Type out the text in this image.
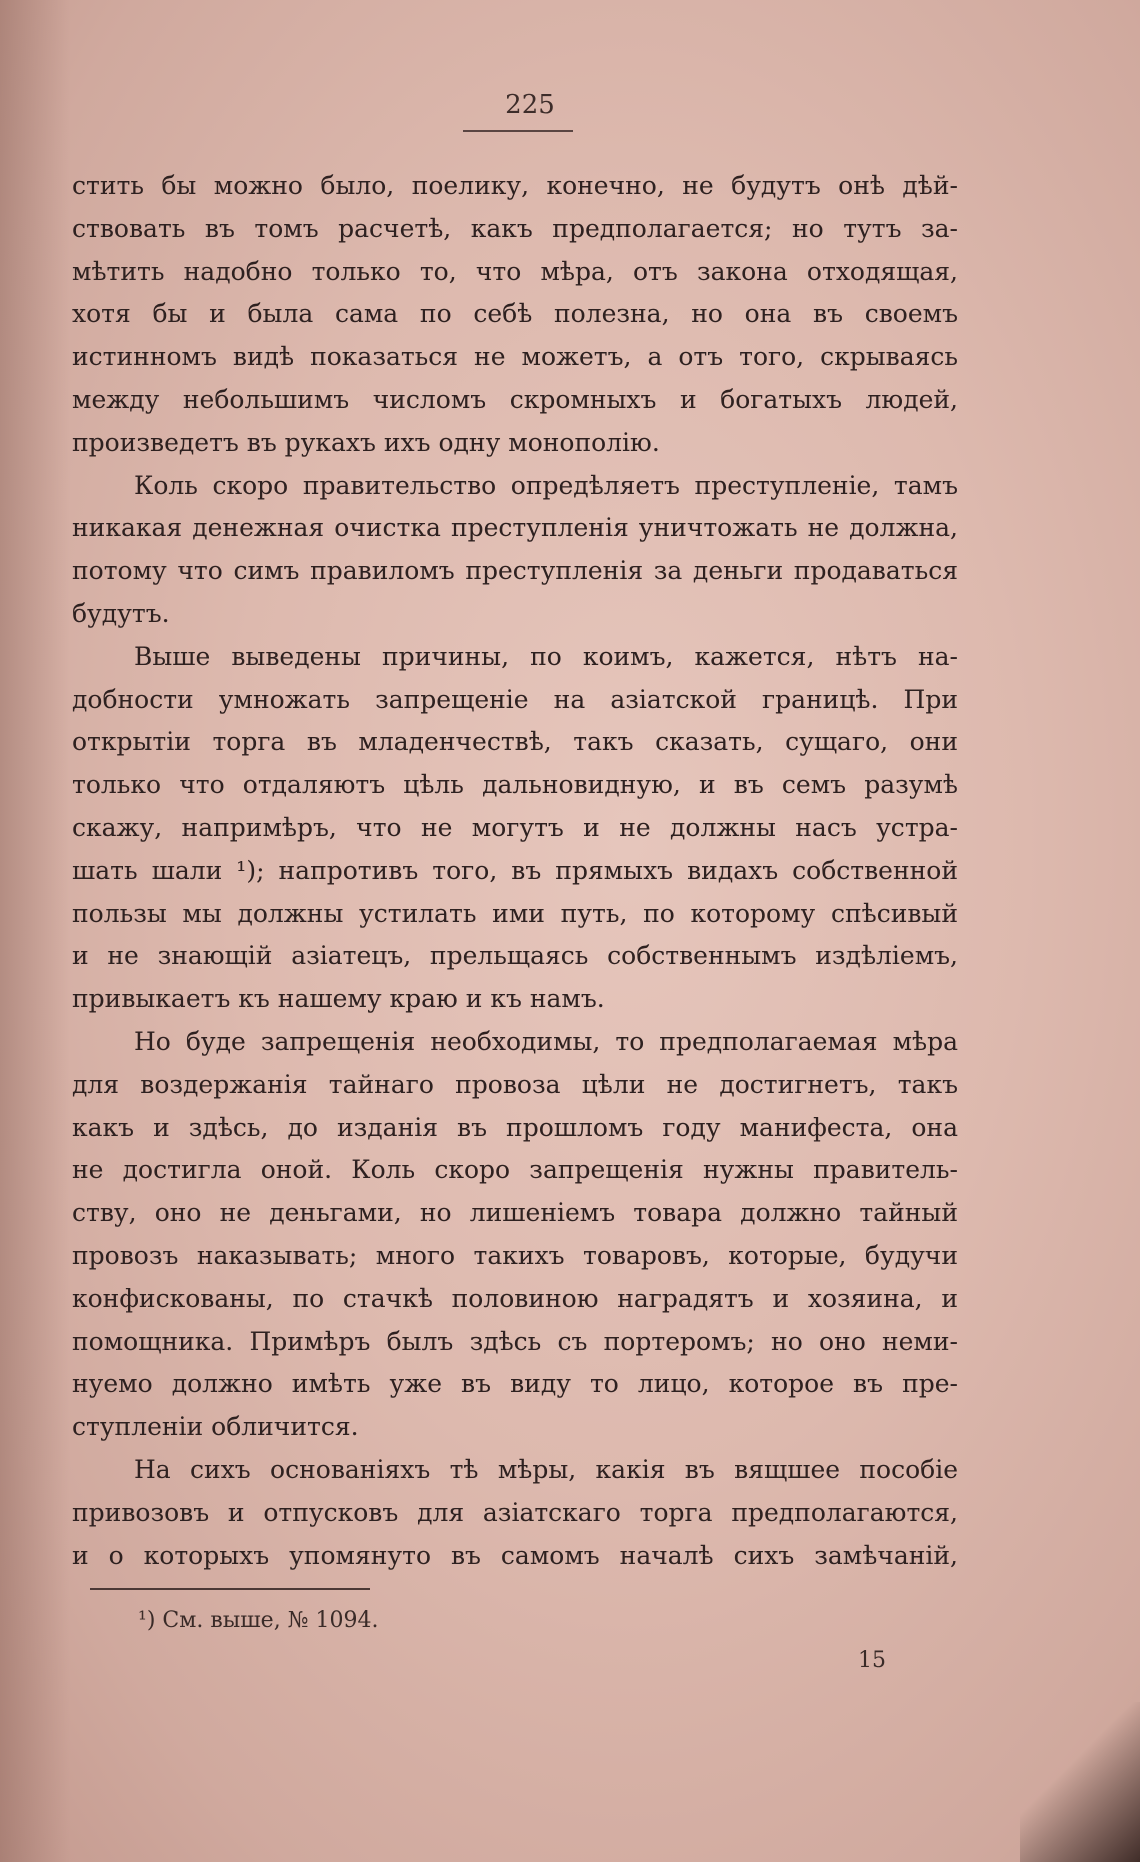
225
стить бы можно было, поелику, конечно, не будутъ онѣ дѣй-
ствовать въ томъ расчетѣ, какъ предполагается; но тутъ за-
мѣтить надобно только то, что мѣра, отъ закона отходящая,
хотя бы и была сама по себѣ полезна, но она въ своемъ
истинномъ видѣ показаться не можетъ, а отъ того, скрываясь
между небольшимъ числомъ скромныхъ и богатыхъ людей,
произведетъ въ рукахъ ихъ одну монополію.
Коль скоро правительство опредѣляетъ преступленіе, тамъ
никакая денежная очистка преступленія уничтожать не должна,
потому что симъ правиломъ преступленія за деньги продаваться
будутъ.
Выше выведены причины, по коимъ, кажется, нѣтъ на-
добности умножать запрещеніе на азіатской границѣ. При
открытіи торга въ младенчествѣ, такъ сказать, сущаго, они
только что отдаляютъ цѣль дальновидную, и въ семъ разумѣ
скажу, напримѣръ, что не могутъ и не должны насъ устра-
шать шали ¹); напротивъ того, въ прямыхъ видахъ собственной
пользы мы должны устилать ими путь, по которому спѣсивый
и не знающій азіатецъ, прельщаясь собственнымъ издѣліемъ,
привыкаетъ къ нашему краю и къ намъ.
Но буде запрещенія необходимы, то предполагаемая мѣра
для воздержанія тайнаго провоза цѣли не достигнетъ, такъ
какъ и здѣсь, до изданія въ прошломъ году манифеста, она
не достигла оной. Коль скоро запрещенія нужны правитель-
ству, оно не деньгами, но лишеніемъ товара должно тайный
провозъ наказывать; много такихъ товаровъ, которые, будучи
конфискованы, по стачкѣ половиною наградятъ и хозяина, и
помощника. Примѣръ былъ здѣсь съ портеромъ; но оно неми-
нуемо должно имѣть уже въ виду то лицо, которое въ пре-
ступленіи обличится.
На сихъ основаніяхъ тѣ мѣры, какія въ вящшее пособіе
привозовъ и отпусковъ для азіатскаго торга предполагаются,
и о которыхъ упомянуто въ самомъ началѣ сихъ замѣчаній,
¹) См. выше, № 1094.
15
